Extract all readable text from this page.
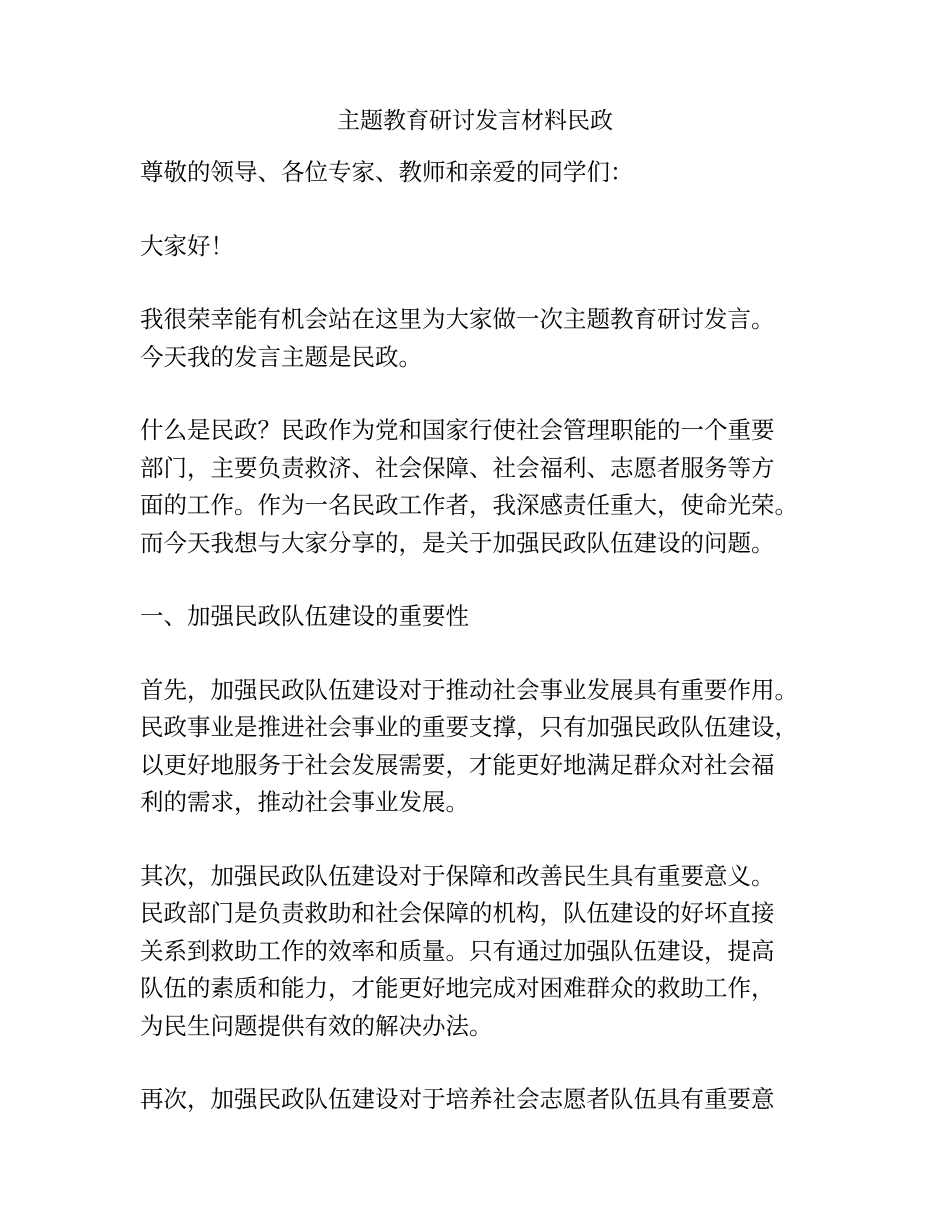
主题教育研讨发言材料民政

尊敬的领导、各位专家、教师和亲爱的同学们：

大家好！

我很荣幸能有机会站在这里为大家做一次主题教育研讨发言。
今天我的发言主题是民政。

什么是民政？民政作为党和国家行使社会管理职能的一个重要
部门，主要负责救济、社会保障、社会福利、志愿者服务等方
面的工作。作为一名民政工作者，我深感责任重大，使命光荣。
而今天我想与大家分享的，是关于加强民政队伍建设的问题。

一、加强民政队伍建设的重要性

首先，加强民政队伍建设对于推动社会事业发展具有重要作用。
民政事业是推进社会事业的重要支撑，只有加强民政队伍建设，
以更好地服务于社会发展需要，才能更好地满足群众对社会福
利的需求，推动社会事业发展。

其次，加强民政队伍建设对于保障和改善民生具有重要意义。
民政部门是负责救助和社会保障的机构，队伍建设的好坏直接
关系到救助工作的效率和质量。只有通过加强队伍建设，提高
队伍的素质和能力，才能更好地完成对困难群众的救助工作，
为民生问题提供有效的解决办法。

再次，加强民政队伍建设对于培养社会志愿者队伍具有重要意
